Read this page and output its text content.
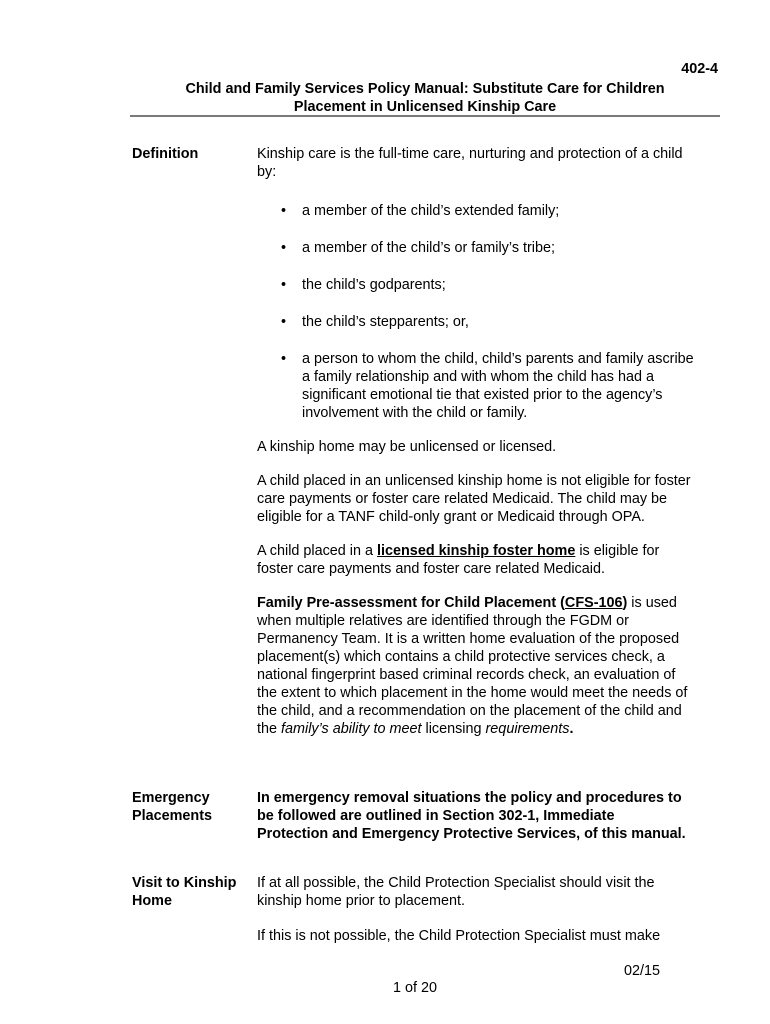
402-4
Child and Family Services Policy Manual: Substitute Care for Children
Placement in Unlicensed Kinship Care
Definition	Kinship care is the full-time care, nurturing and protection of a child by:

• a member of the child’s extended family;
• a member of the child’s or family’s tribe;
• the child’s godparents;
• the child’s stepparents; or,
• a person to whom the child, child’s parents and family ascribe a family relationship and with whom the child has had a significant emotional tie that existed prior to the agency’s involvement with the child or family.

A kinship home may be unlicensed or licensed.

A child placed in an unlicensed kinship home is not eligible for foster care payments or foster care related Medicaid. The child may be eligible for a TANF child-only grant or Medicaid through OPA.

A child placed in a licensed kinship foster home is eligible for foster care payments and foster care related Medicaid.

Family Pre-assessment for Child Placement (CFS-106) is used when multiple relatives are identified through the FGDM or Permanency Team. It is a written home evaluation of the proposed placement(s) which contains a child protective services check, a national fingerprint based criminal records check, an evaluation of the extent to which placement in the home would meet the needs of the child, and a recommendation on the placement of the child and the family’s ability to meet licensing requirements.

Emergency
Placements
In emergency removal situations the policy and procedures to be followed are outlined in Section 302-1, Immediate Protection and Emergency Protective Services, of this manual.
Visit to Kinship
Home

If at all possible, the Child Protection Specialist should visit the kinship home prior to placement.

If this is not possible, the Child Protection Specialist must make

02/15
1 of 20
